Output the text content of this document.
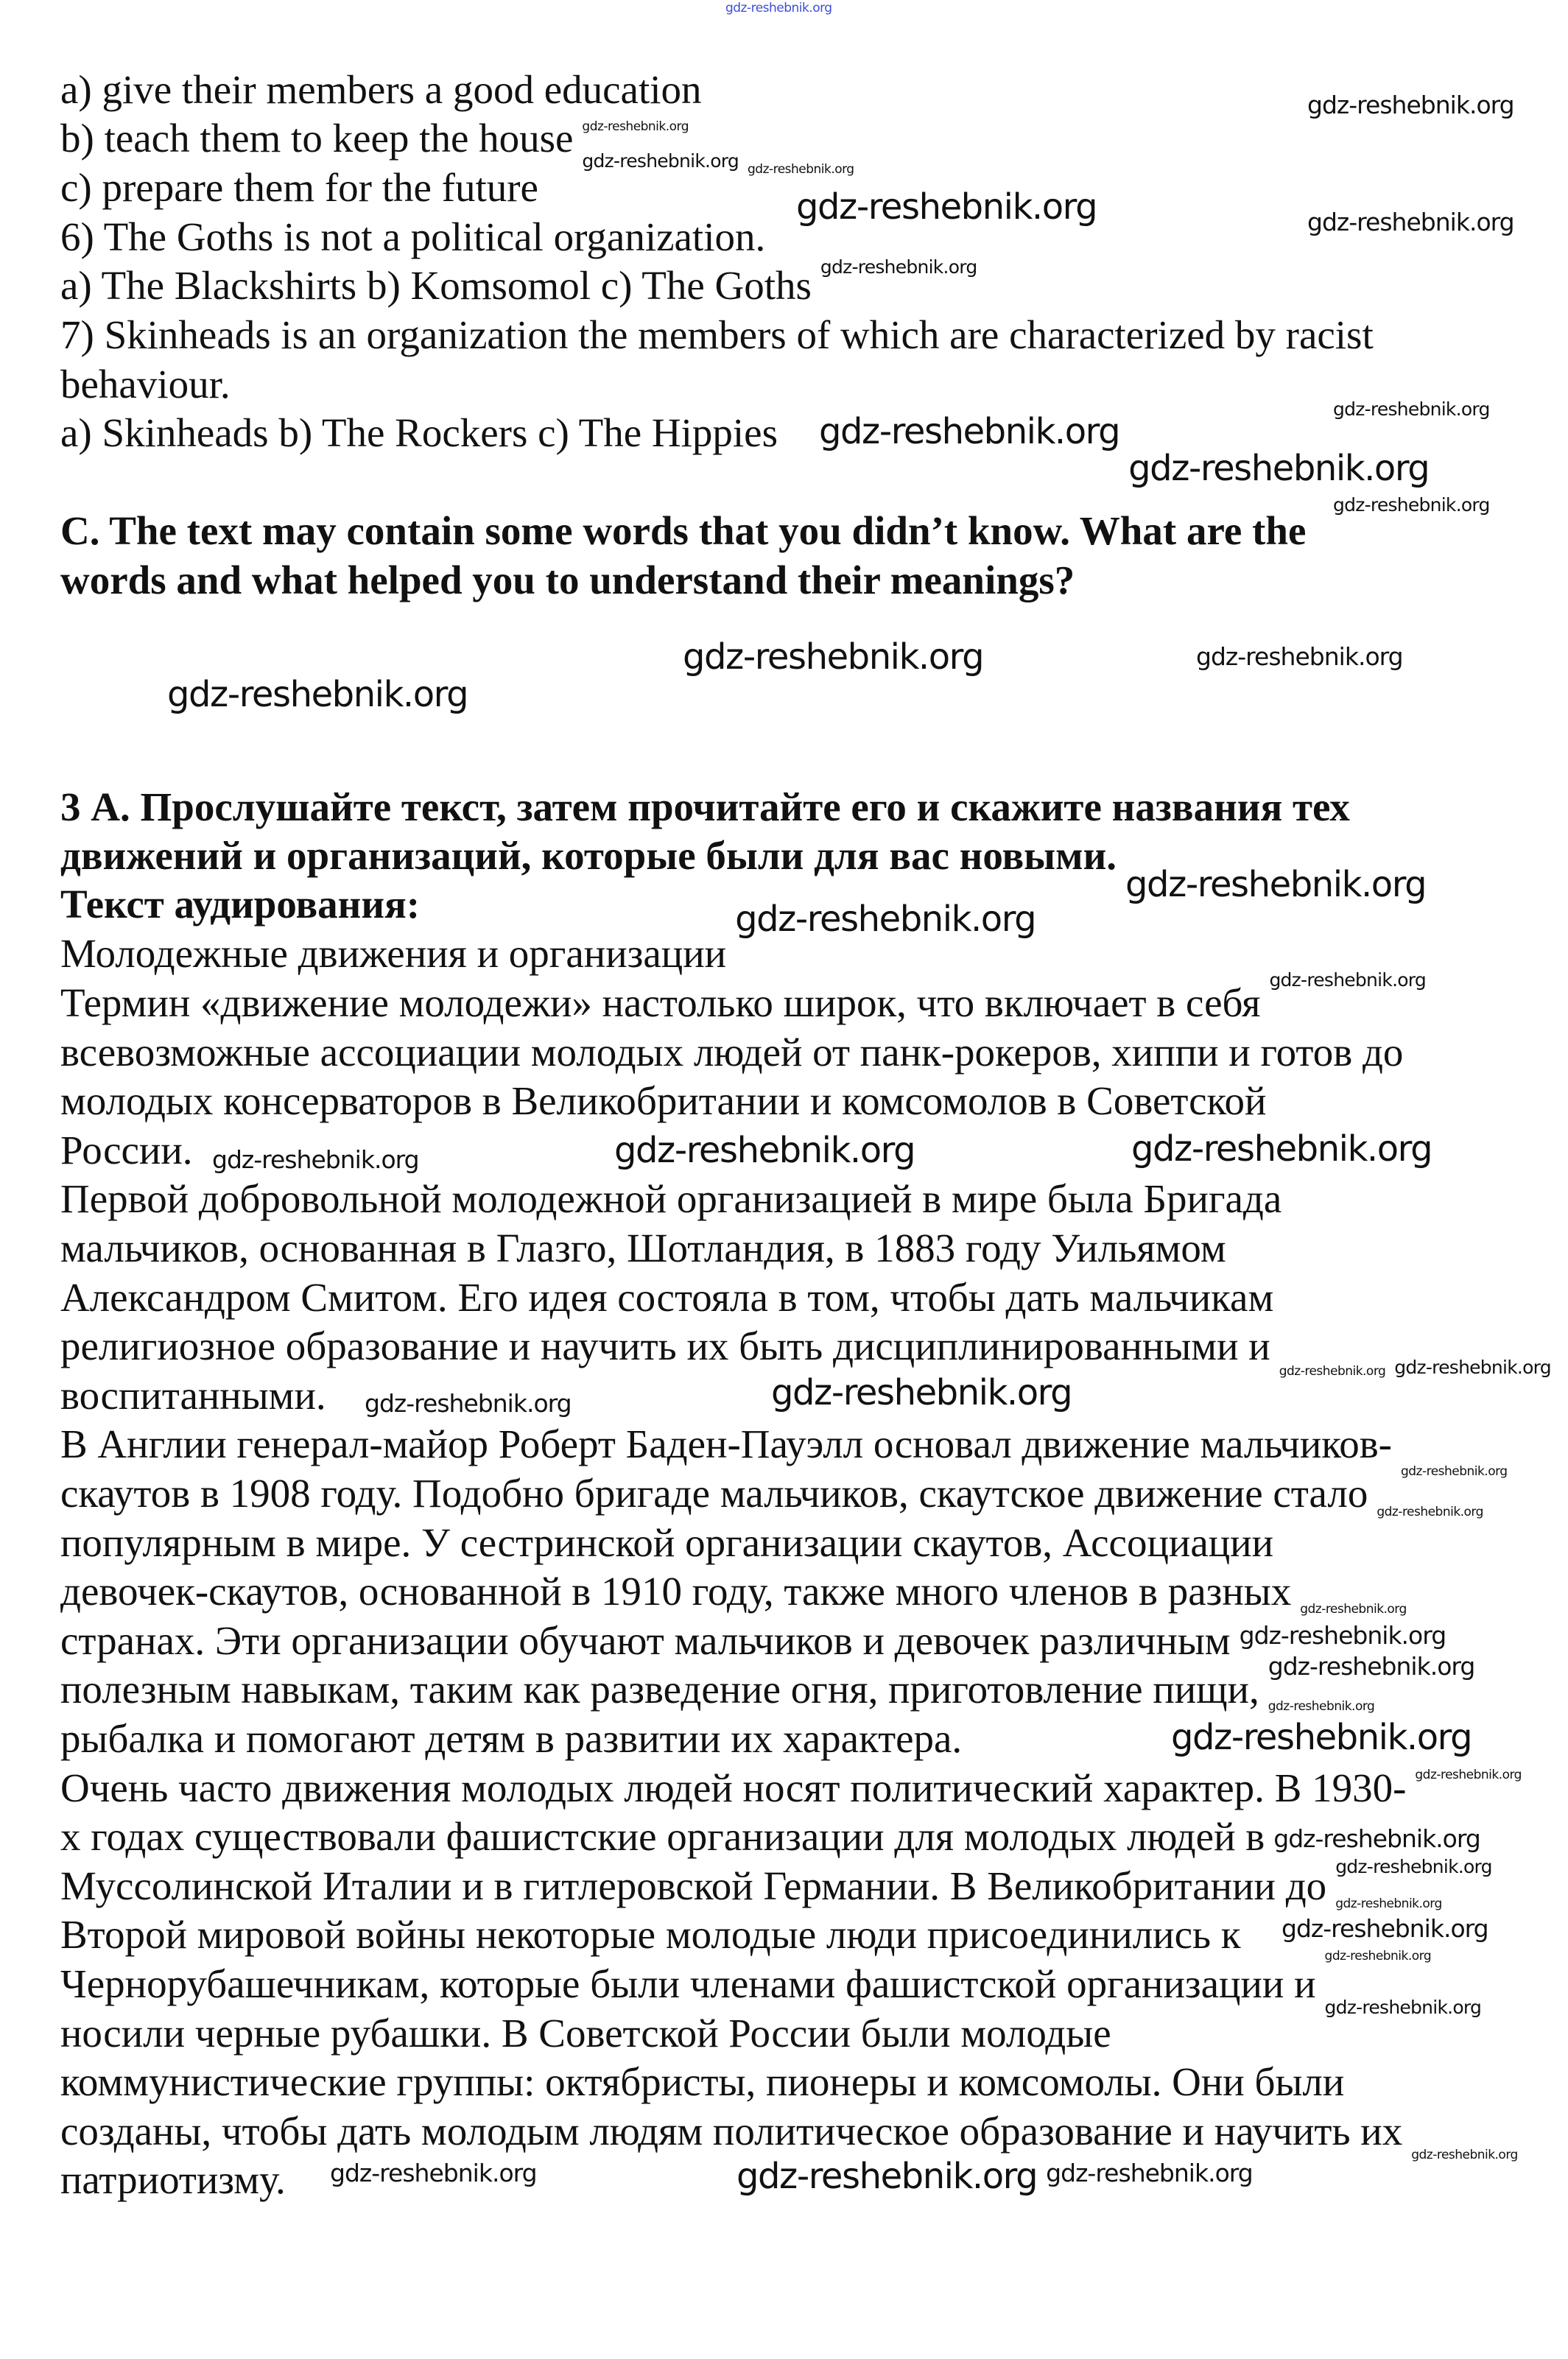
gdz-reshebnik.org
a) give their members a good education
b) teach them to keep the house
c) prepare them for the future
6) The Goths is not a political organization.
a) The Blackshirts b) Komsomol c) The Goths
7) Skinheads is an organization the members of which are characterized by racist
behaviour.
a) Skinheads b) The Rockers c) The Hippies
C. The text may contain some words that you didn’t know. What are the
words and what helped you to understand their meanings?
3 А. Прослушайте текст, затем прочитайте его и скажите названия тех
движений и организаций, которые были для вас новыми.
Текст аудирования:
Молодежные движения и организации
Термин «движение молодежи» настолько широк, что включает в себя
всевозможные ассоциации молодых людей от панк-рокеров, хиппи и готов до
молодых консерваторов в Великобритании и комсомолов в Советской
России.
Первой добровольной молодежной организацией в мире была Бригада
мальчиков, основанная в Глазго, Шотландия, в 1883 году Уильямом
Александром Смитом. Его идея состояла в том, чтобы дать мальчикам
религиозное образование и научить их быть дисциплинированными и
воспитанными.
В Англии генерал-майор Роберт Баден-Пауэлл основал движение мальчиков-
скаутов в 1908 году. Подобно бригаде мальчиков, скаутское движение стало
популярным в мире. У сестринской организации скаутов, Ассоциации
девочек-скаутов, основанной в 1910 году, также много членов в разных
странах. Эти организации обучают мальчиков и девочек различным
полезным навыкам, таким как разведение огня, приготовление пищи,
рыбалка и помогают детям в развитии их характера.
Очень часто движения молодых людей носят политический характер. В 1930-
х годах существовали фашистские организации для молодых людей в
Муссолинской Италии и в гитлеровской Германии. В Великобритании до
Второй мировой войны некоторые молодые люди присоединились к
Чернорубашечникам, которые были членами фашистской организации и
носили черные рубашки. В Советской России были молодые
коммунистические группы: октябристы, пионеры и комсомолы. Они были
созданы, чтобы дать молодым людям политическое образование и научить их
патриотизму.
gdz-reshebnik.org
gdz-reshebnik.org
gdz-reshebnik.org gdz-reshebnik.org
gdz-reshebnik.org	gdz-reshebnik.org
gdz-reshebnik.org
gdz-reshebnik.org
gdz-reshebnik.org
gdz-reshebnik.org
gdz-reshebnik.org
gdz-reshebnik.org	gdz-reshebnik.org
gdz-reshebnik.org
gdz-reshebnik.org
gdz-reshebnik.org
gdz-reshebnik.org
gdz-reshebnik.org
gdz-reshebnik.org
gdz-reshebnik.org
gdz-reshebnik.org gdz-reshebnik.org
gdz-reshebnik.org
gdz-reshebnik.org
gdz-reshebnik.org
gdz-reshebnik.org
gdz-reshebnik.org
gdz-reshebnik.org
gdz-reshebnik.org
gdz-reshebnik.org
gdz-reshebnik.org
gdz-reshebnik.org
gdz-reshebnik.org
gdz-reshebnik.org
gdz-reshebnik.org
gdz-reshebnik.org
gdz-reshebnik.org
gdz-reshebnik.org
gdz-reshebnik.org
gdz-reshebnik.org	gdz-reshebnik.org gdz-reshebnik.org
